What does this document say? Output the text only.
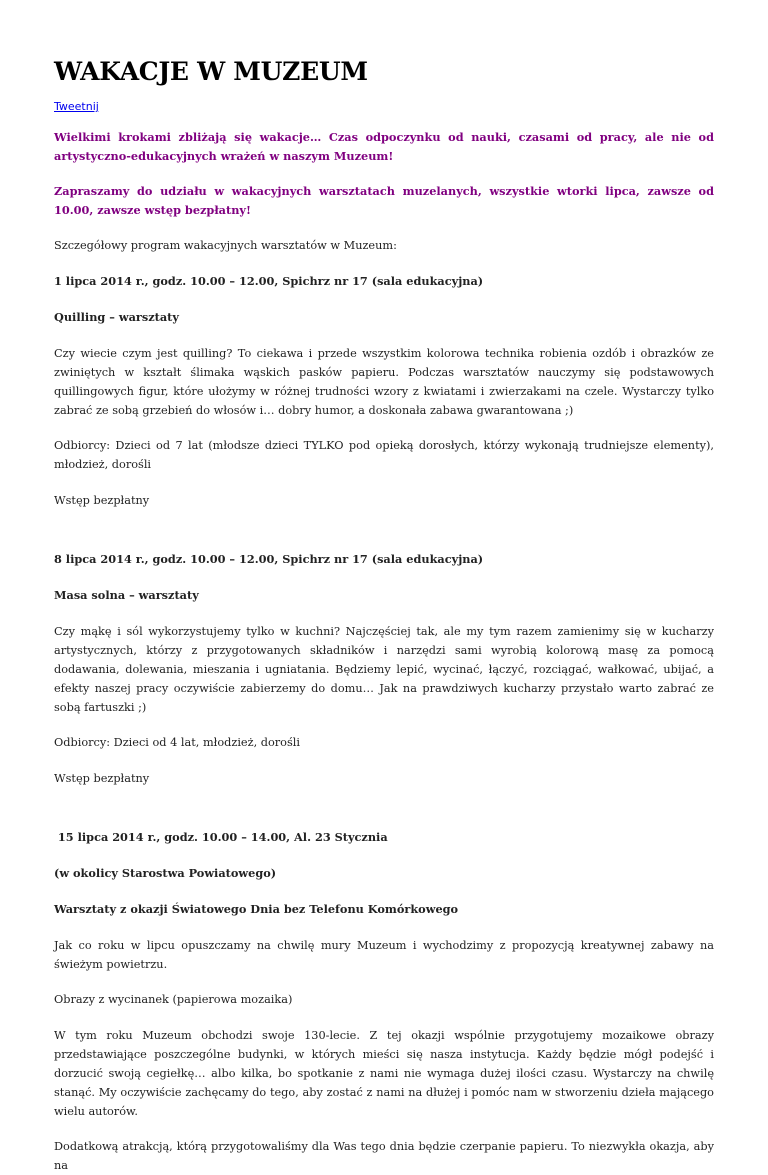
WAKACJE W MUZEUM
Tweetnij

Wielkimi krokami zbliżają się wakacje… Czas odpoczynku od nauki, czasami od pracy, ale nie od artystyczno-edukacyjnych wrażeń w naszym Muzeum!

Zapraszamy do udziału w wakacyjnych warsztatach muzelanych, wszystkie wtorki lipca, zawsze od 10.00, zawsze wstęp bezpłatny!

Szczegółowy program wakacyjnych warsztatów w Muzeum:

1 lipca 2014 r., godz. 10.00 – 12.00, Spichrz nr 17 (sala edukacyjna)

Quilling – warsztaty

Czy wiecie czym jest quilling? To ciekawa i przede wszystkim kolorowa technika robienia ozdób i obrazków ze zwiniętych w kształt ślimaka wąskich pasków papieru. Podczas warsztatów nauczymy się podstawowych quillingowych figur, które ułożymy w różnej trudności wzory z kwiatami i zwierzakami na czele. Wystarczy tylko zabrać ze sobą grzebień do włosów i… dobry humor, a doskonała zabawa gwarantowana ;)

Odbiorcy: Dzieci od 7 lat (młodsze dzieci TYLKO pod opieką dorosłych, którzy wykonają trudniejsze elementy), młodzież, dorośli

Wstęp bezpłatny

8 lipca 2014 r., godz. 10.00 – 12.00, Spichrz nr 17 (sala edukacyjna)

Masa solna – warsztaty

Czy mąkę i sól wykorzystujemy tylko w kuchni? Najczęściej tak, ale my tym razem zamienimy się w kucharzy artystycznych, którzy z przygotowanych składników i narzędzi sami wyrobią kolorową masę za pomocą dodawania, dolewania, mieszania i ugniatania. Będziemy lepić, wycinać, łączyć, rozciągać, wałkować, ubijać, a efekty naszej pracy oczywiście zabierzemy do domu… Jak na prawdziwych kucharzy przystało warto zabrać ze sobą fartuszki ;)

Odbiorcy: Dzieci od 4 lat, młodzież, dorośli

Wstęp bezpłatny

15 lipca 2014 r., godz. 10.00 – 14.00, Al. 23 Stycznia

(w okolicy Starostwa Powiatowego)

Warsztaty z okazji Światowego Dnia bez Telefonu Komórkowego

Jak co roku w lipcu opuszczamy na chwilę mury Muzeum i wychodzimy z propozycją kreatywnej zabawy na świeżym powietrzu.

Obrazy z wycinanek (papierowa mozaika)

W tym roku Muzeum obchodzi swoje 130-lecie. Z tej okazji wspólnie przygotujemy mozaikowe obrazy przedstawiające poszczególne budynki, w których mieści się nasza instytucja. Każdy będzie mógł podejść i dorzucić swoją cegiełkę… albo kilka, bo spotkanie z nami nie wymaga dużej ilości czasu. Wystarczy na chwilę stanąć. My oczywiście zachęcamy do tego, aby zostać z nami na dłużej i pomóc nam w stworzeniu dzieła mającego wielu autorów.

Dodatkową atrakcją, którą przygotowaliśmy dla Was tego dnia będzie czerpanie papieru. To niezwykła okazja, aby na
